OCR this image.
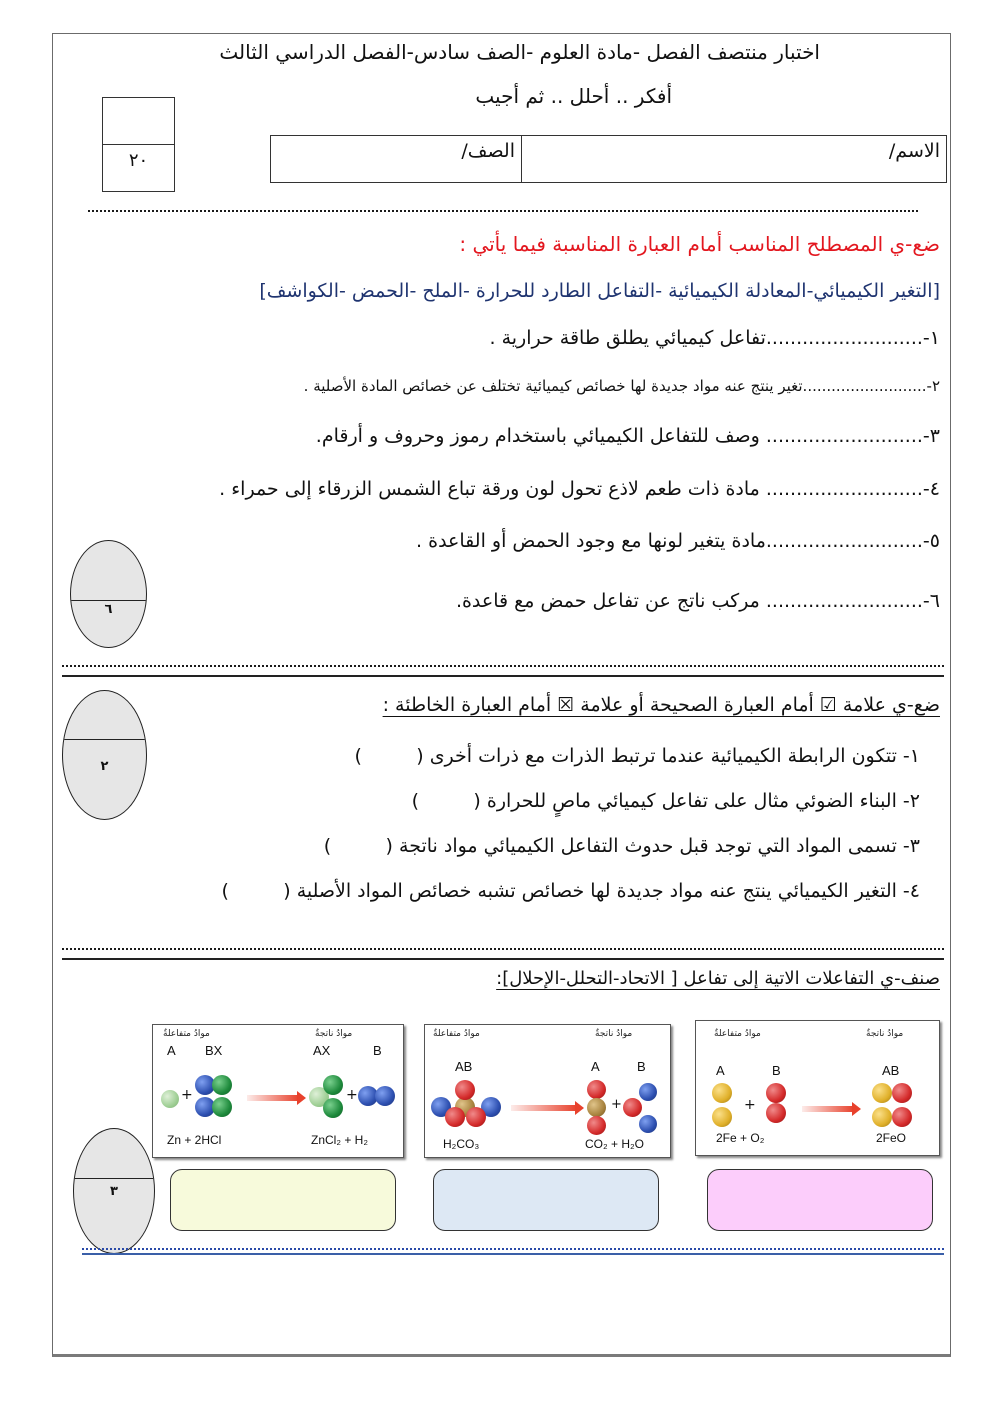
اختبار منتصف الفصل -مادة العلوم -الصف سادس-الفصل الدراسي الثالث
أفكر .. أحلل .. ثم أجيب
٢٠	الاسم/
الصف/
ضع-ي المصطلح المناسب أمام العبارة المناسبة فيما يأتي :
[التغير الكيميائي-المعادلة الكيميائية -التفاعل الطارد للحرارة -الملح -الحمض -الكواشف]
١-..........................تفاعل كيميائي يطلق طاقة حرارية .
٢-..........................تغير ينتج عنه مواد جديدة لها خصائص كيميائية تختلف عن خصائص المادة الأصلية .
٣-.......................... وصف للتفاعل الكيميائي باستخدام رموز وحروف و أرقام.
٤-.......................... مادة ذات طعم لاذع تحول لون ورقة تباع الشمس الزرقاء إلى حمراء .
٥-..........................مادة يتغير لونها مع وجود الحمض أو القاعدة .
٦-.......................... مركب ناتج عن تفاعل حمض مع قاعدة.
٦
ضع-ي علامة ☑ أمام العبارة الصحيحة أو علامة ☒ أمام العبارة الخاطئة :
٢	١- تتكون الرابطة الكيميائية عندما ترتبط الذرات مع ذرات أخرى (         )
٢- البناء الضوئي مثال على تفاعل كيميائي ماصٍ للحرارة (         )
٣- تسمى المواد التي توجد قبل حدوث التفاعل الكيميائي مواد ناتجة (         )
٤- التغير الكيميائي ينتج عنه مواد جديدة لها خصائص تشبه خصائص المواد الأصلية (         )
صنف-ي التفاعلات الاتية إلى تفاعل [ الاتحاد-التحلل-الإحلال]:
٣
موادُ متفاعلةٌ	موادُ ناتجةٌ
A BX	AX	B
+	+
Zn + 2HCl	ZnCl₂ + H₂
موادُ متفاعلةٌ	موادُ ناتجةٌ
AB	A	B
+
H₂CO₃	CO₂ + H₂O
موادُ متفاعلةٌ	موادُ ناتجةٌ
A	B	AB
+
2Fe + O₂	2FeO
